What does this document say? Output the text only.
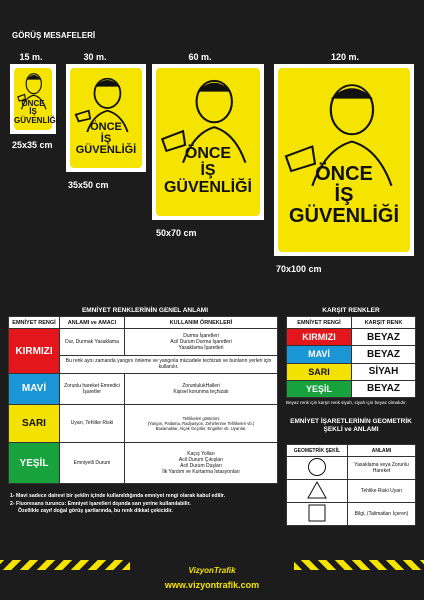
GÖRÜŞ MESAFELERİ
15 m.	30 m.	60 m.	120 m.
ÖNCE
İŞ
GÜVENLİĞİ
ÖNCE
İŞ
GÜVENLİĞİ	ÖNCE
İŞ
GÜVENLİĞİ
ÖNCE
İŞ
GÜVENLİĞİ
25x35 cm
35x50 cm
50x70 cm
70x100 cm
EMNİYET RENKLERİNİN GENEL ANLAMI
EMNİYET RENGİ	ANLAMI ve AMACI	KULLANIM ÖRNEKLERİ
KIRMIZI	Dur, Durmak Yasaklama	Durma İşaretleri
Acil Durum Durma İşaretleri
Yasaklama İşaretleri
	Bu renk aynı zamanda yangını önleme ve yangınla mücadele techizatı ve bunların yerleri için kullanılır.	
MAVİ	Zorunlu hareket Emredici İşaretler	ZorunlulukHalleri
Kişisel korunma teçhizatı
SARI	Uyarı, Tehlike Riski	Tehlikeleri gösterimi
(Yangın, Patlama, Radyasyon, Zehirlenme Tehlikeleri vb.)
Basamaklar, Alçak Geçitler, Engeller vb. Uyarılar.
YEŞİL	Emniyetli Durum	Kaçış Yolları
Acil Durum Çıkışları
Acil Durum Duşları
İlk Yardım ve Kurtarma İstasyonları
KARŞIT RENKLER
EMNİYET RENGİ	KARŞIT RENK
KIRMIZI	BEYAZ
MAVİ	BEYAZ
SARI	SİYAH
YEŞİL	BEYAZ
Beyaz renk için karşıt renk siyah, siyah için beyaz olmalıdır.
EMNİYET İŞARETLERİNİN GEOMETRİK ŞEKLİ ve ANLAMI
GEOMETRİK ŞEKİL	ANLAMI
	Yasaklama veya Zorunlu Hareket
	Tehlike Riski Uyarı
	Bilgi, (Talimatları İçeren)
1- Mavi sadece dairevi bir şeklin içinde kullanıldığında emniyet rengi olarak kabul edilir.
2- Fluoresans turuncu: Emniyet işaretleri dışında sarı yerine kullanılabilir.
Özellikle zayıf doğal görüş şartlarında, bu renk dikkat çekicidir.
VizyonTrafik
www.vizyontrafik.com
